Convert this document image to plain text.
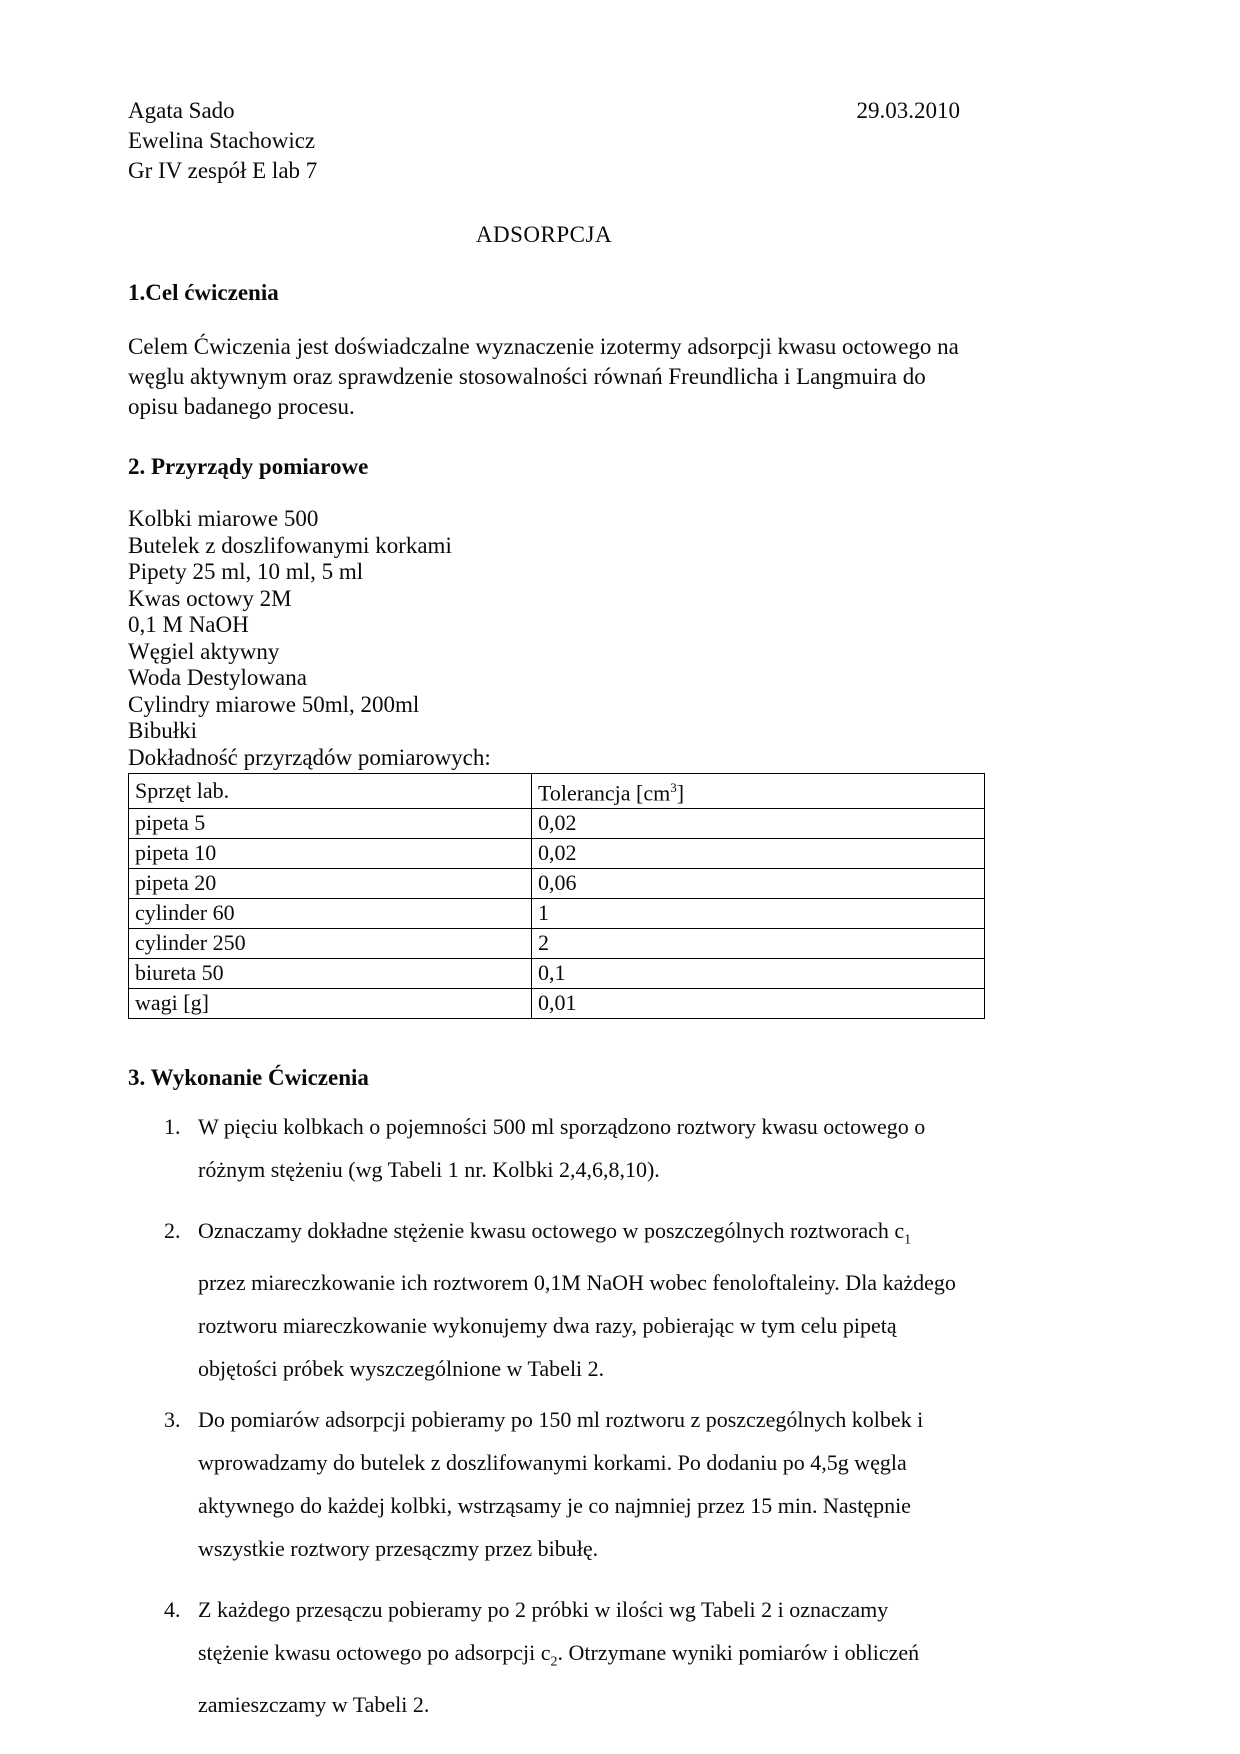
Agata Sado
Ewelina Stachowicz
Gr IV zespół E lab 7
29.03.2010
ADSORPCJA
1.Cel ćwiczenia
Celem Ćwiczenia jest doświadczalne wyznaczenie izotermy adsorpcji kwasu octowego na węglu aktywnym oraz sprawdzenie stosowalności równań Freundlicha i Langmuira do opisu badanego procesu.
2. Przyrządy pomiarowe
Kolbki miarowe 500
Butelek z doszlifowanymi korkami
Pipety 25 ml, 10 ml, 5 ml
Kwas octowy 2M
0,1 M NaOH
Węgiel aktywny
Woda Destylowana
Cylindry miarowe 50ml, 200ml
Bibułki
Dokładność przyrządów pomiarowych:
Sprzęt lab.	Tolerancja $[cm^3]$
pipeta 5	0,02
pipeta 10	0,02
pipeta 20	0,06
cylinder 60	1
cylinder 250	2
biureta 50	0,1
wagi [g]	0,01
3. Wykonanie Ćwiczenia
1. W pięciu kolbkach o pojemności 500 ml sporządzono roztwory kwasu octowego o różnym stężeniu (wg Tabeli 1 nr. Kolbki 2,4,6,8,10).
2. Oznaczamy dokładne stężenie kwasu octowego w poszczególnych roztworach $c_1$ przez miareczkowanie ich roztworem 0,1M NaOH wobec fenoloftaleiny. Dla każdego roztworu miareczkowanie wykonujemy dwa razy, pobierając w tym celu pipetą objętości próbek wyszczególnione w Tabeli 2.
3. Do pomiarów adsorpcji pobieramy po 150 ml roztworu z poszczególnych kolbek i wprowadzamy do butelek z doszlifowanymi korkami. Po dodaniu po 4,5g węgla aktywnego do każdej kolbki, wstrząsamy je co najmniej przez 15 min. Następnie wszystkie roztwory przesączmy przez bibułę.
4. Z każdego przesączu pobieramy po 2 próbki w ilości wg Tabeli 2 i oznaczamy stężenie kwasu octowego po adsorpcji $c_2$. Otrzymane wyniki pomiarów i obliczeń zamieszczamy w Tabeli 2.
